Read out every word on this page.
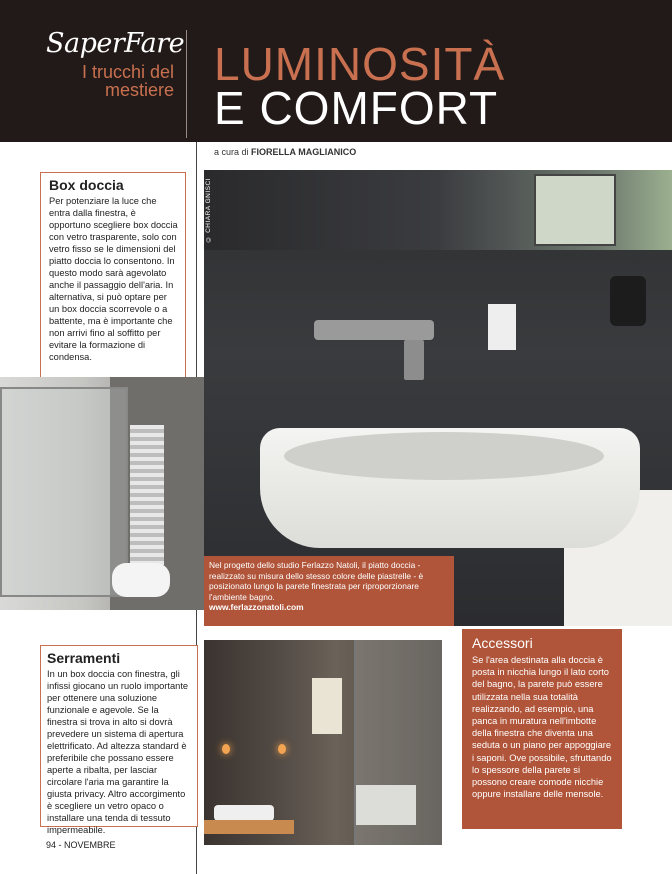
SaperFare
I trucchi del
mestiere LUMINOSITÀ
E COMFORT
a cura di FIORELLA MAGLIANICO
© CHIARA GNISCI
Nel progetto dello studio Ferlazzo Natoli, il piatto doccia - realizzato su misura dello stesso colore delle piastrelle - è posizionato lungo la parete finestrata per riproporzionare l'ambiente bagno.
www.ferlazzonatoli.com
Box doccia
Per potenziare la luce che entra dalla finestra, è opportuno scegliere box doccia con vetro trasparente, solo con vetro fisso se le dimensioni del piatto doccia lo consentono. In questo modo sarà agevolato anche il passaggio dell'aria. In alternativa, si può optare per un box doccia scorrevole o a battente, ma è importante che non arrivi fino al soffitto per evitare la formazione di condensa.
Serramenti
In un box doccia con finestra, gli infissi giocano un ruolo importante per ottenere una soluzione funzionale e agevole. Se la finestra si trova in alto si dovrà prevedere un sistema di apertura elettrificato. Ad altezza standard è preferibile che possano essere aperte a ribalta, per lasciar circolare l'aria ma garantire la giusta privacy. Altro accorgimento è scegliere un vetro opaco o installare una tenda di tessuto impermeabile.
Accessori
Se l'area destinata alla doccia è posta in nicchia lungo il lato corto del bagno, la parete può essere utilizzata nella sua totalità realizzando, ad esempio, una panca in muratura nell'imbotte della finestra che diventa una seduta o un piano per appoggiare i saponi. Ove possibile, sfruttando lo spessore della parete si possono creare comode nicchie oppure installare delle mensole.
94 - NOVEMBRE
